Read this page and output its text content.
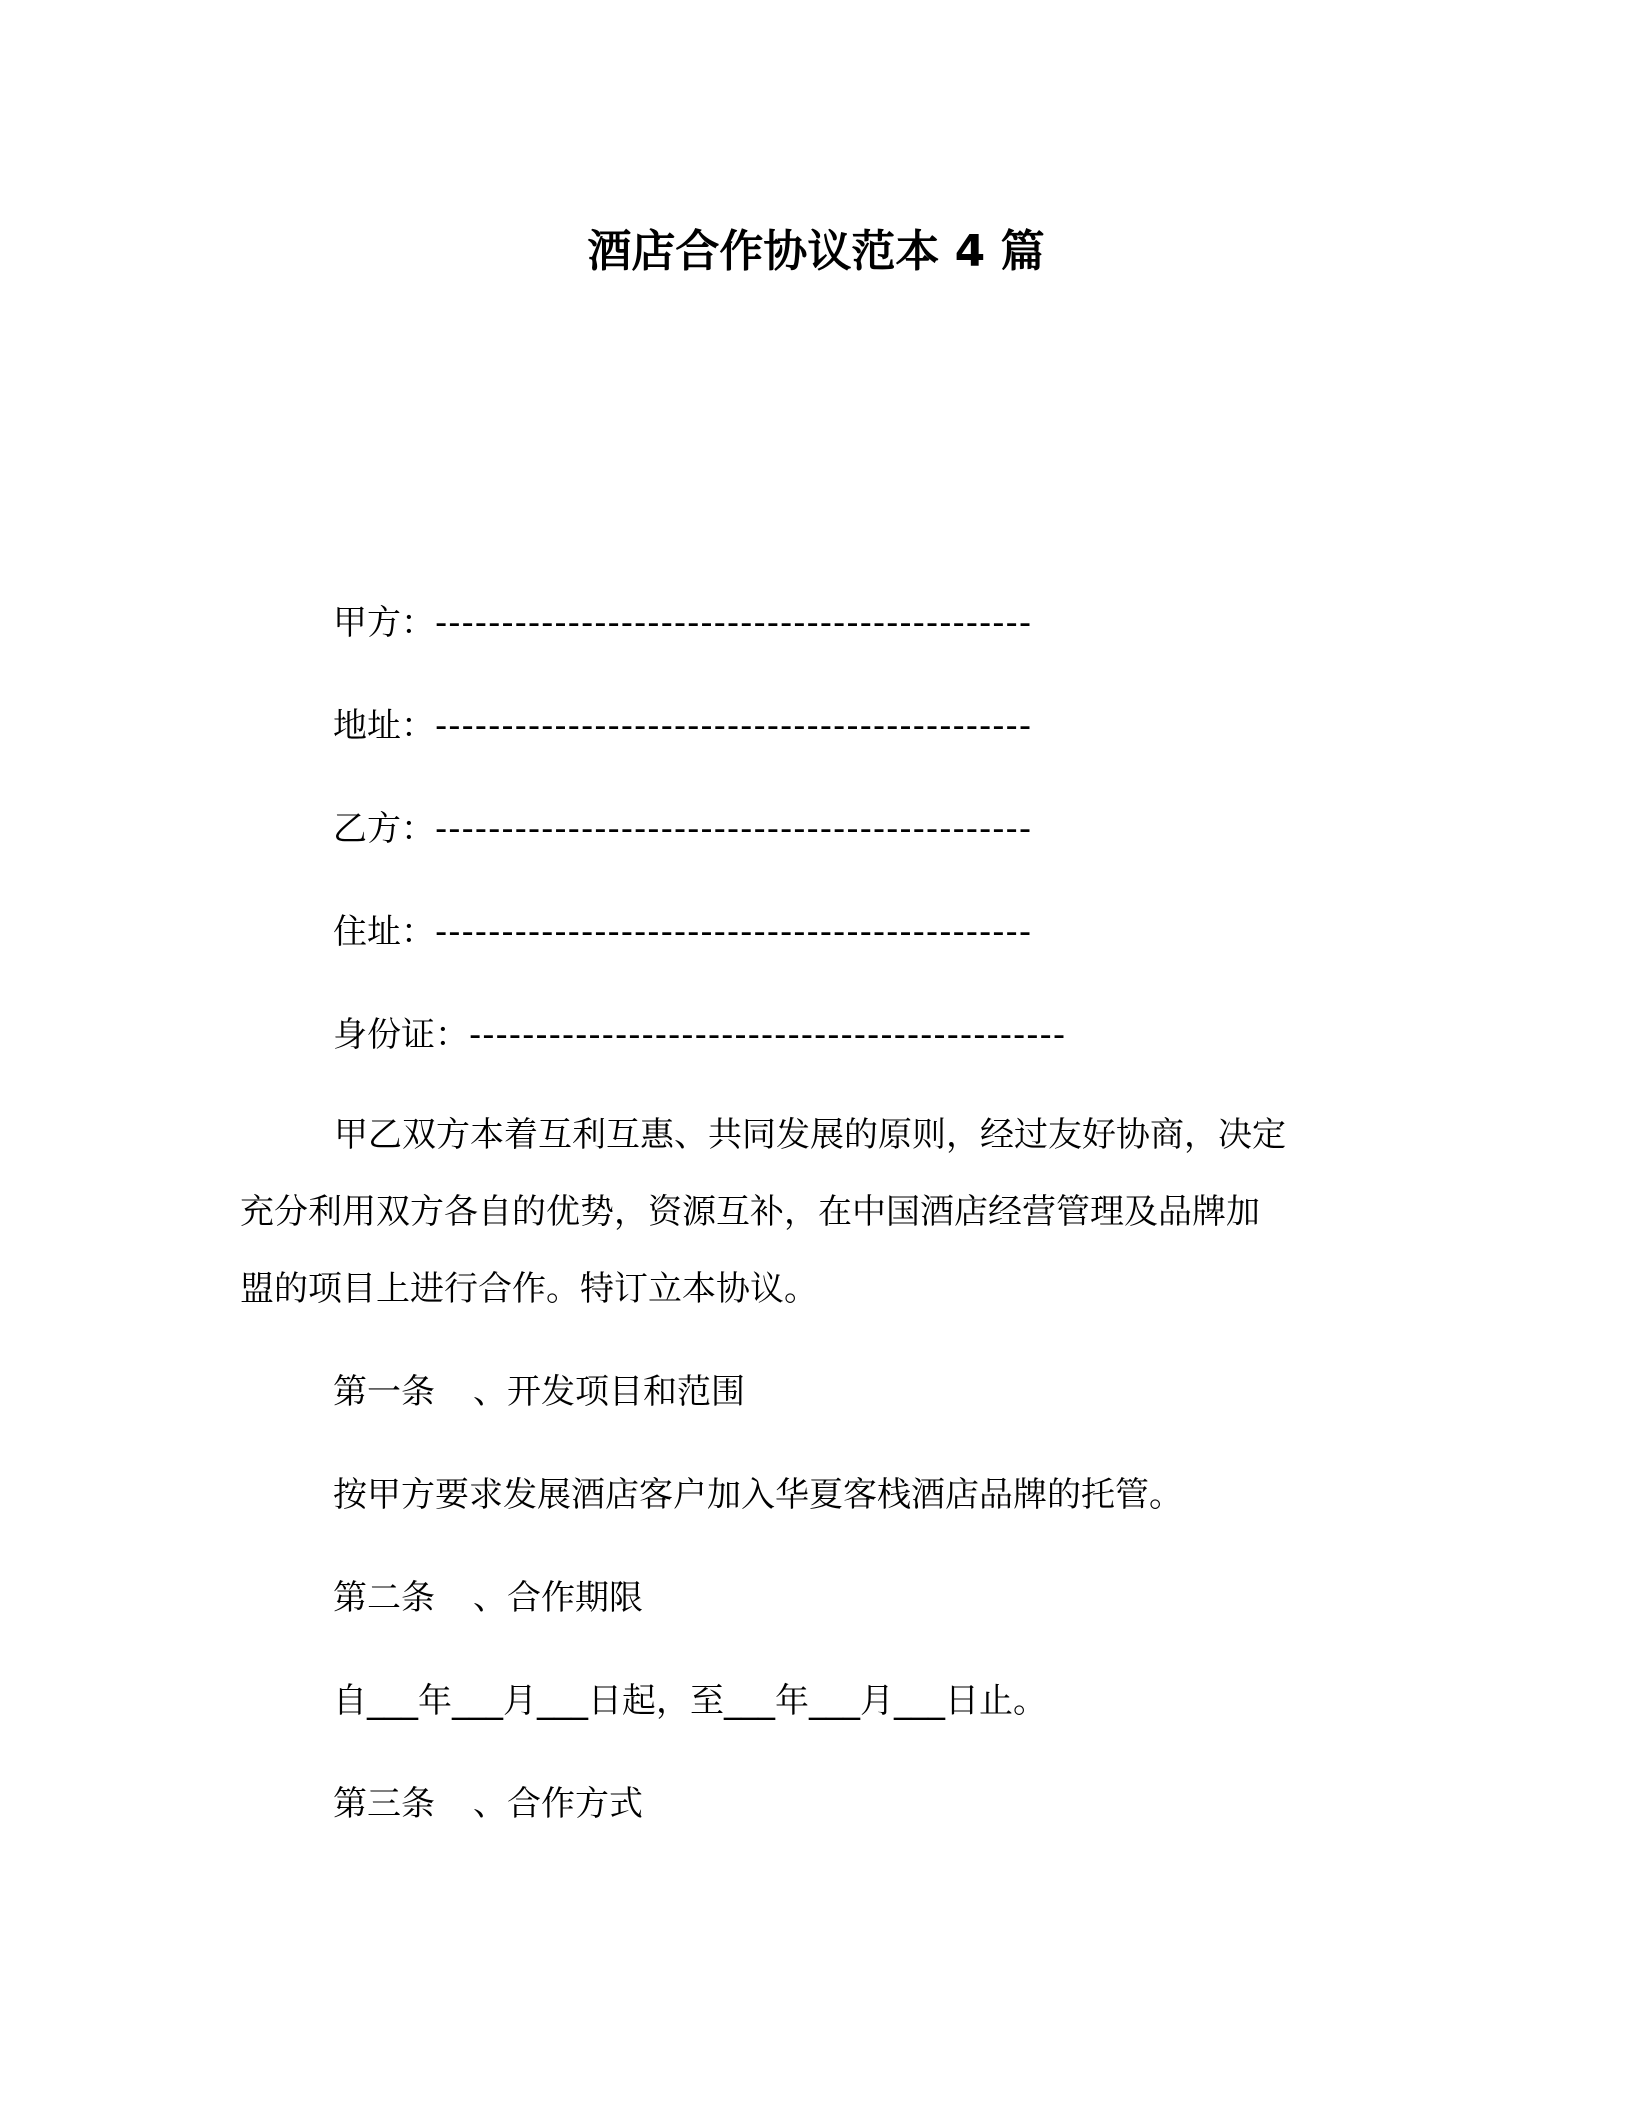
酒店合作协议范本 4 篇
甲方：---------------------------------------------
地址：---------------------------------------------
乙方：---------------------------------------------
住址：---------------------------------------------
身份证：---------------------------------------------
甲乙双方本着互利互惠、共同发展的原则，经过友好协商，决定
充分利用双方各自的优势，资源互补，在中国酒店经营管理及品牌加
盟的项目上进行合作。特订立本协议。
第一条 、开发项目和范围
按甲方要求发展酒店客户加入华夏客栈酒店品牌的托管。
第二条 、合作期限
自___年___月___日起，至___年___月___日止。
第三条 、合作方式
